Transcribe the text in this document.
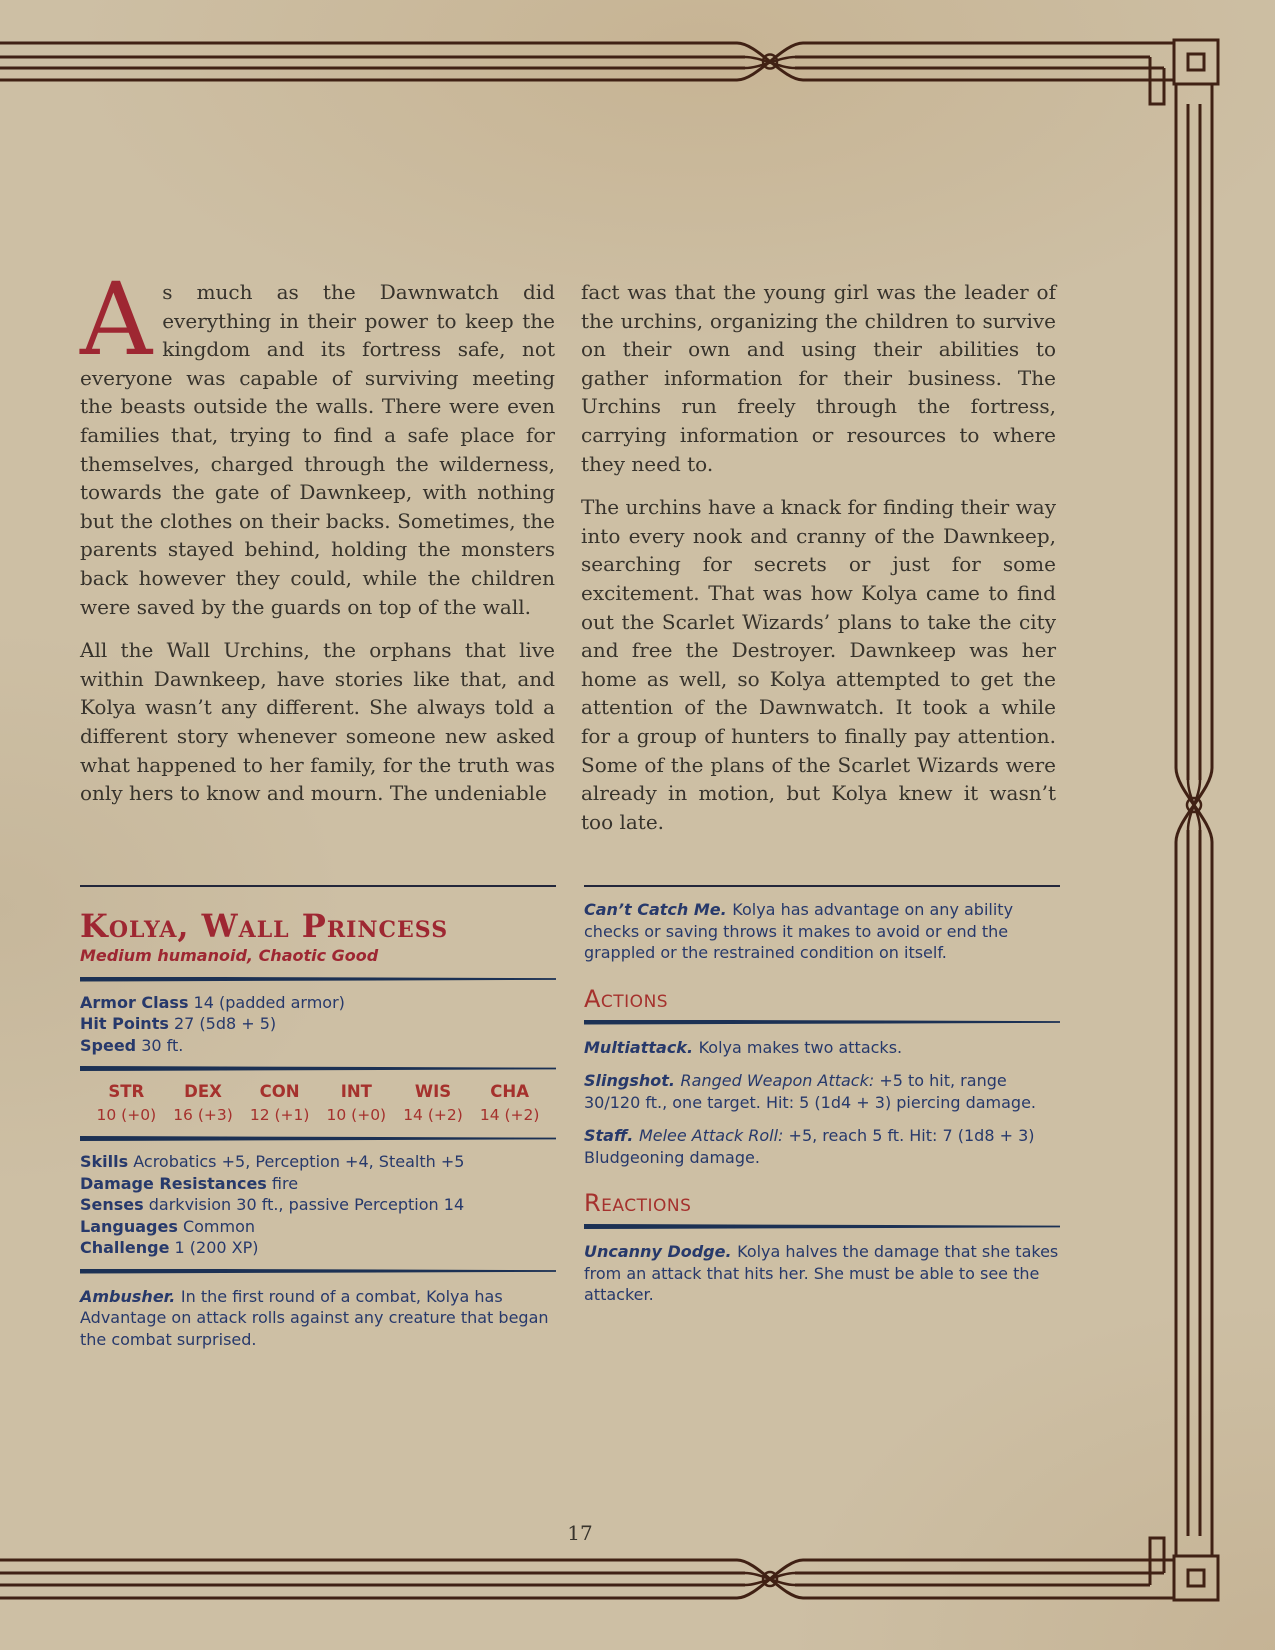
As much as the Dawnwatch did everything in their power to keep the kingdom and its fortress safe, not everyone was capable of surviving meeting the beasts outside the walls. There were even families that, trying to find a safe place for themselves, charged through the wilderness, towards the gate of Dawnkeep, with nothing but the clothes on their backs. Sometimes, the parents stayed behind, holding the monsters back however they could, while the children were saved by the guards on top of the wall.

All the Wall Urchins, the orphans that live within Dawnkeep, have stories like that, and Kolya wasn’t any different. She always told a different story whenever someone new asked what happened to her family, for the truth was only hers to know and mourn. The undeniable

fact was that the young girl was the leader of the urchins, organizing the children to survive on their own and using their abilities to gather information for their business. The Urchins run freely through the fortress, carrying information or resources to where they need to.

The urchins have a knack for finding their way into every nook and cranny of the Dawnkeep, searching for secrets or just for some excitement. That was how Kolya came to find out the Scarlet Wizards’ plans to take the city and free the Destroyer. Dawnkeep was her home as well, so Kolya attempted to get the attention of the Dawnwatch. It took a while for a group of hunters to finally pay attention. Some of the plans of the Scarlet Wizards were already in motion, but Kolya knew it wasn’t too late.

Kolya, Wall Princess
Medium humanoid, Chaotic Good

Armor Class 14 (padded armor)

Hit Points 27 (5d8 + 5)

Speed 30 ft.

STR
10 (+0)
DEX
16 (+3)
CON
12 (+1)
INT
10 (+0)
WIS
14 (+2)
CHA
14 (+2)

Skills Acrobatics +5, Perception +4, Stealth +5

Damage Resistances fire

Senses darkvision 30 ft., passive Perception 14

Languages Common

Challenge 1 (200 XP)

Ambusher. In the first round of a combat, Kolya has Advantage on attack rolls against any creature that began the combat surprised.

Can’t Catch Me. Kolya has advantage on any ability checks or saving throws it makes to avoid or end the grappled or the restrained condition on itself.

Actions

Multiattack. Kolya makes two attacks.

Slingshot. Ranged Weapon Attack: +5 to hit, range 30/120 ft., one target. Hit: 5 (1d4 + 3) piercing damage.

Staff. Melee Attack Roll: +5, reach 5 ft. Hit: 7 (1d8 + 3) Bludgeoning damage.

Reactions

Uncanny Dodge. Kolya halves the damage that she takes from an attack that hits her. She must be able to see the attacker.

17
